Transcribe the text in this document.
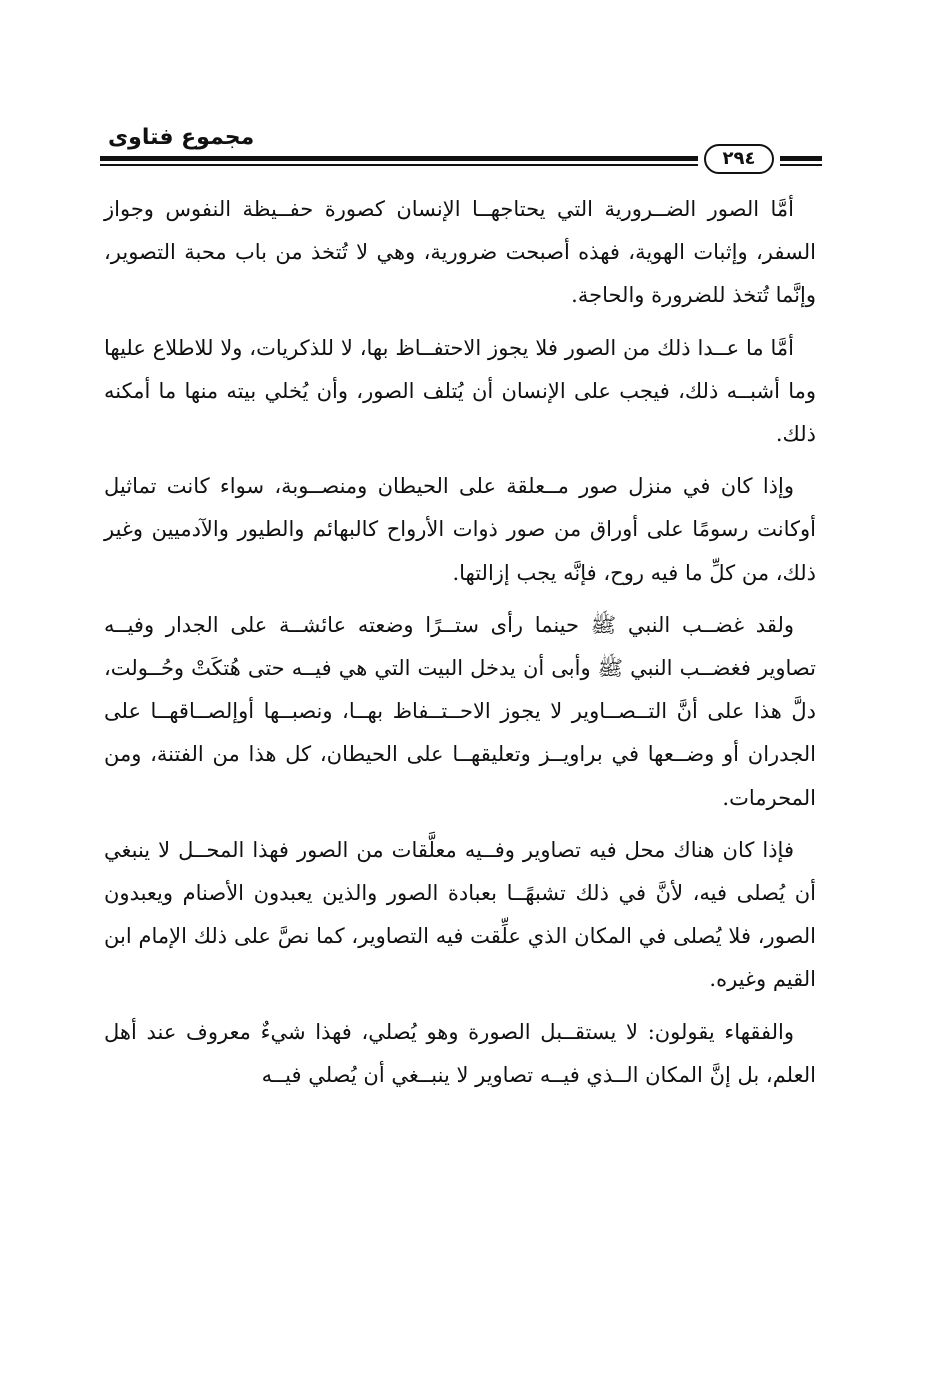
مجموع فتاوى
٢٩٤

أمَّا الصور الضــرورية التي يحتاجهــا الإنسان كصورة حفــيظة النفوس وجواز السفر، وإثبات الهوية، فهذه أصبحت ضرورية، وهي لا تُتخذ من باب محبة التصوير، وإنَّما تُتخذ للضرورة والحاجة.

أمَّا ما عــدا ذلك من الصور فلا يجوز الاحتفــاظ بها، لا للذكريات، ولا للاطلاع عليها وما أشبــه ذلك، فيجب على الإنسان أن يُتلف الصور، وأن يُخلي بيته منها ما أمكنه ذلك.

وإذا كان في منزل صور مــعلقة على الحيطان ومنصــوبة، سواء كانت تماثيل أوكانت رسومًا على أوراق من صور ذوات الأرواح كالبهائم والطيور والآدميين وغير ذلك، من كلِّ ما فيه روح، فإنَّه يجب إزالتها.

ولقد غضــب النبي ﷺ حينما رأى ستــرًا وضعته عائشــة على الجدار وفيــه تصاوير فغضــب النبي ﷺ وأبى أن يدخل البيت التي هي فيــه حتى هُتكَتْ وحُــولت، دلَّ هذا على أنَّ التــصــاوير لا يجوز الاحــتــفاظ بهــا، ونصبــها أوإلصــاقهــا على الجدران أو وضــعها في براويــز وتعليقهــا على الحيطان، كل هذا من الفتنة، ومن المحرمات.

فإذا كان هناك محل فيه تصاوير وفــيه معلَّقات من الصور فهذا المحــل لا ينبغي أن يُصلى فيه، لأنَّ في ذلك تشبهًــا بعبادة الصور والذين يعبدون الأصنام ويعبدون الصور، فلا يُصلى في المكان الذي علِّقت فيه التصاوير، كما نصَّ على ذلك الإمام ابن القيم وغيره.

والفقهاء يقولون: لا يستقــبل الصورة وهو يُصلي، فهذا شيءٌ معروف عند أهل العلم، بل إنَّ المكان الــذي فيــه تصاوير لا ينبــغي أن يُصلي فيــه
